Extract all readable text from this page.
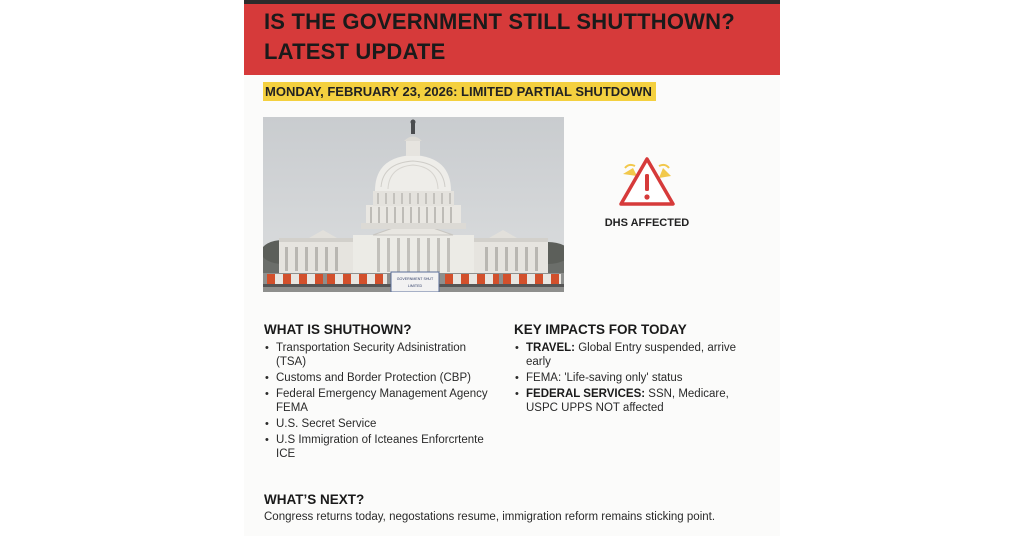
IS THE GOVERNMENT STILL SHUTTHOWN? LATEST UPDATE
MONDAY, FEBRUARY 23, 2026: LIMITED PARTIAL SHUTDOWN
GOVERNMENT SHUT
LIMITED
DHS AFFECTED
WHAT IS SHUTHOWN?
• Transportation Security Adsinistration (TSA)
• Customs and Border Protection (CBP)
• Federal Emergency Management Agency FEMA
• U.S. Secret Service
• U.S Immigration of Icteanes Enforcrtente ICE
KEY IMPACTS FOR TODAY
• TRAVEL: Global Entry suspended, arrive early
• FEMA: 'Life-saving only' status
• FEDERAL SERVICES: SSN, Medicare, USPC UPPS NOT affected
WHAT’S NEXT?

Congress returns today, negostations resume, immigration reform remains sticking point.
